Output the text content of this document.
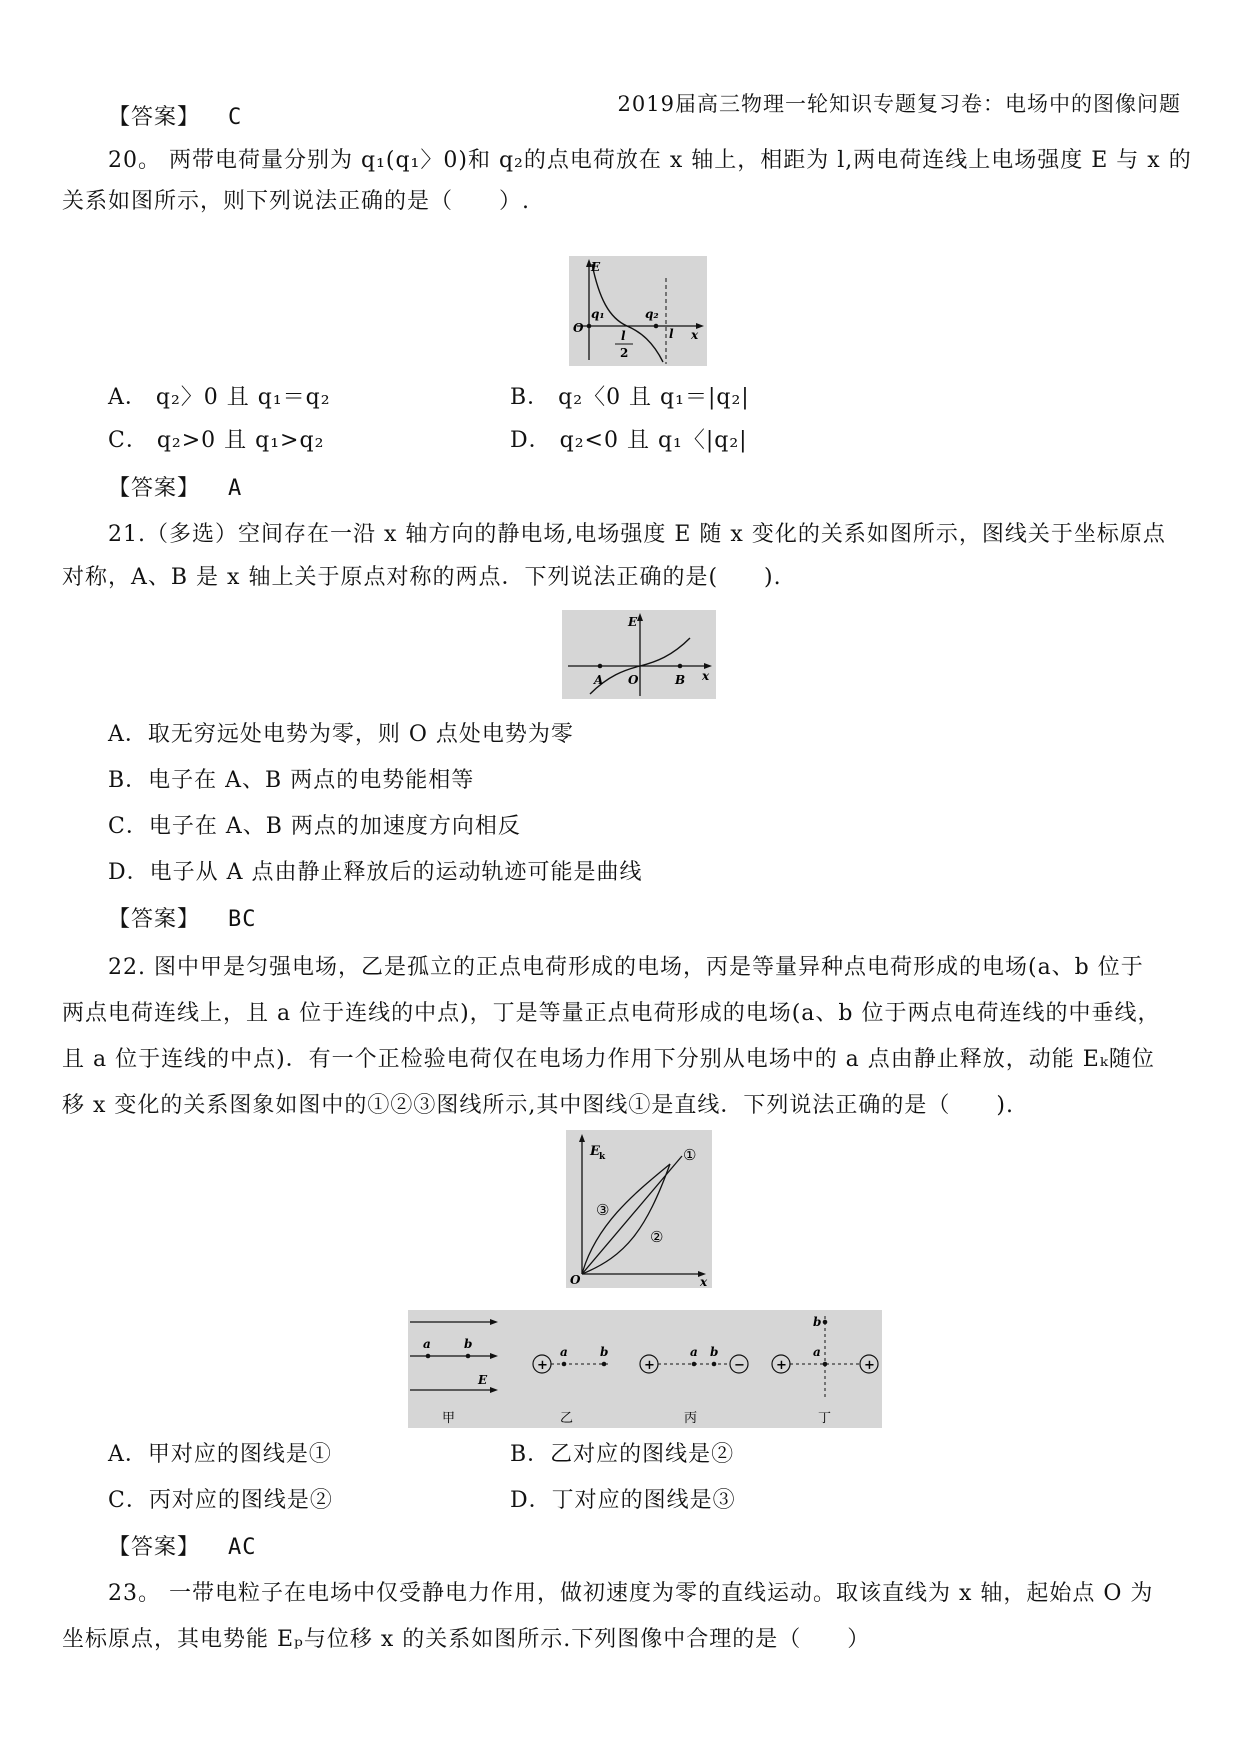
2019届高三物理一轮知识专题复习卷：电场中的图像问题
【答案】 C
20。 两带电荷量分别为 q₁(q₁〉0)和 q₂的点电荷放在 x 轴上，相距为 l,两电荷连线上电场强度 E 与 x 的
关系如图所示，则下列说法正确的是（　　）.
E
O
q₁	q₂
l
l
2
x
A． q₂〉0 且 q₁＝q₂	B． q₂〈0 且 q₁＝|q₂|
C． q₂>0 且 q₁>q₂	D． q₂<0 且 q₁〈|q₂|
【答案】 A
21.（多选）空间存在一沿 x 轴方向的静电场,电场强度 E 随 x 变化的关系如图所示，图线关于坐标原点
对称，A、B 是 x 轴上关于原点对称的两点．下列说法正确的是(　　).
E
A O	B x
A．取无穷远处电势为零，则 O 点处电势为零
B．电子在 A、B 两点的电势能相等
C．电子在 A、B 两点的加速度方向相反
D．电子从 A 点由静止释放后的运动轨迹可能是曲线
【答案】 BC
22. 图中甲是匀强电场，乙是孤立的正点电荷形成的电场，丙是等量异种点电荷形成的电场(a、b 位于
两点电荷连线上，且 a 位于连线的中点)，丁是等量正点电荷形成的电场(a、b 位于两点电荷连线的中垂线，
且 a 位于连线的中点)．有一个正检验电荷仅在电场力作用下分别从电场中的 a 点由静止释放，动能 Eₖ随位
移 x 变化的关系图象如图中的①②③图线所示,其中图线①是直线．下列说法正确的是（　　).
E k	①
③
②
O	x
a	b
E
甲
+
a	b
乙
+	−
a b
丙
+	+
a
b
丁
A．甲对应的图线是①	B．乙对应的图线是②
C．丙对应的图线是②	D．丁对应的图线是③
【答案】 AC
23。 一带电粒子在电场中仅受静电力作用，做初速度为零的直线运动。取该直线为 x 轴，起始点 O 为
坐标原点，其电势能 Eₚ与位移 x 的关系如图所示.下列图像中合理的是（　　）
